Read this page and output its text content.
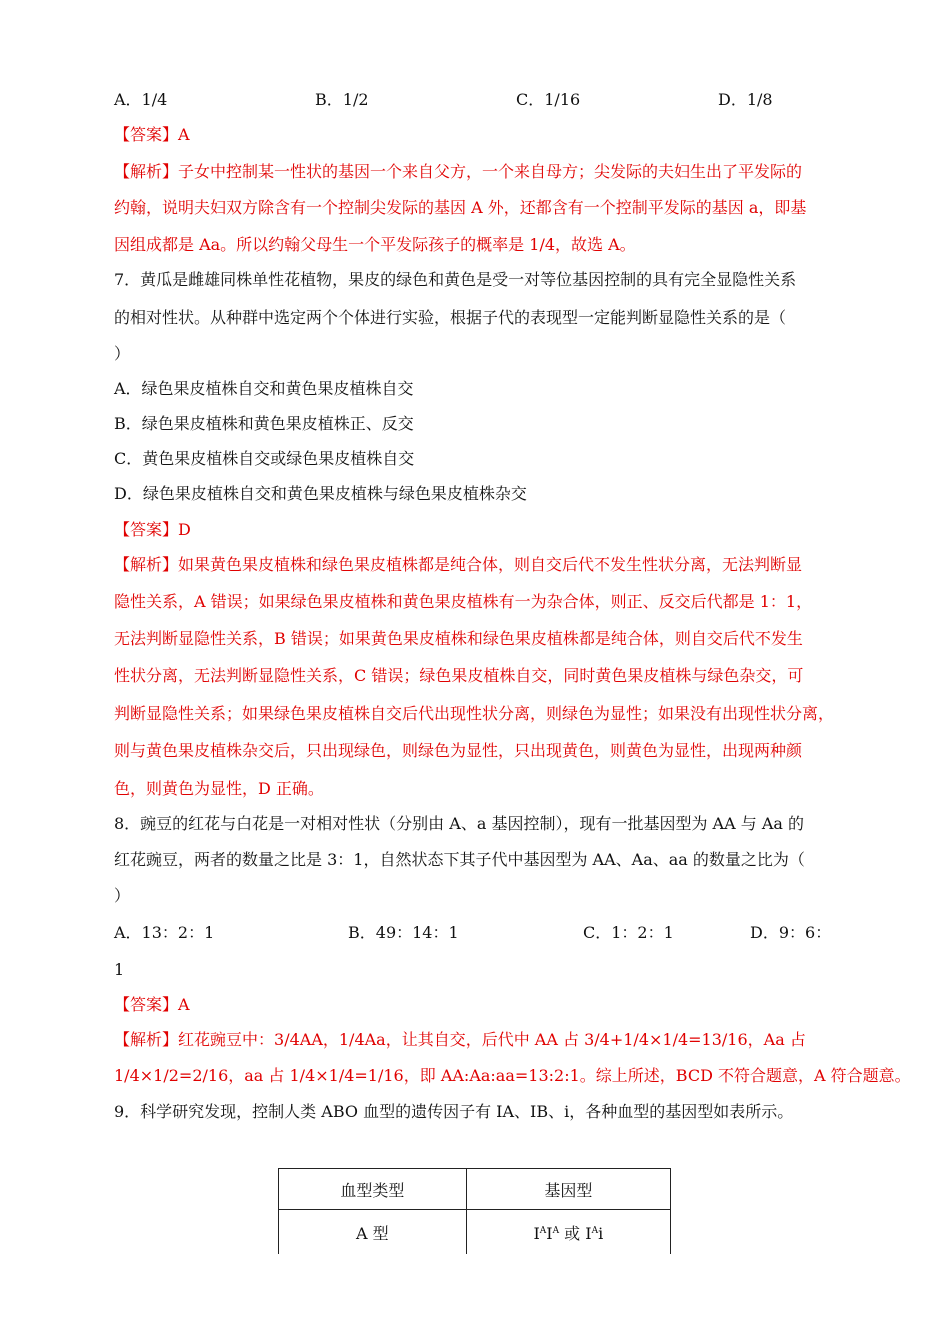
A．1/4	B．1/2	C．1/16	D．1/8
【答案】A
【解析】子女中控制某一性状的基因一个来自父方，一个来自母方；尖发际的夫妇生出了平发际的
约翰，说明夫妇双方除含有一个控制尖发际的基因 A 外，还都含有一个控制平发际的基因 a，即基
因组成都是 Aa。所以约翰父母生一个平发际孩子的概率是 1/4，故选 A。
7．黄瓜是雌雄同株单性花植物，果皮的绿色和黄色是受一对等位基因控制的具有完全显隐性关系
的相对性状。从种群中选定两个个体进行实验，根据子代的表现型一定能判断显隐性关系的是（
）
A．绿色果皮植株自交和黄色果皮植株自交
B．绿色果皮植株和黄色果皮植株正、反交
C．黄色果皮植株自交或绿色果皮植株自交
D．绿色果皮植株自交和黄色果皮植株与绿色果皮植株杂交
【答案】D
【解析】如果黄色果皮植株和绿色果皮植株都是纯合体，则自交后代不发生性状分离，无法判断显
隐性关系，A 错误；如果绿色果皮植株和黄色果皮植株有一为杂合体，则正、反交后代都是 1：1，
无法判断显隐性关系，B 错误；如果黄色果皮植株和绿色果皮植株都是纯合体，则自交后代不发生
性状分离，无法判断显隐性关系，C 错误；绿色果皮植株自交，同时黄色果皮植株与绿色杂交，可
判断显隐性关系；如果绿色果皮植株自交后代出现性状分离，则绿色为显性；如果没有出现性状分离，
则与黄色果皮植株杂交后，只出现绿色，则绿色为显性，只出现黄色，则黄色为显性，出现两种颜
色，则黄色为显性，D 正确。
8．豌豆的红花与白花是一对相对性状（分别由 A、a 基因控制），现有一批基因型为 AA 与 Aa 的
红花豌豆，两者的数量之比是 3：1，自然状态下其子代中基因型为 AA、Aa、aa 的数量之比为（
）
A．13：2：1	B．49：14：1	C．1：2：1	D．9：6：
1
【答案】A
【解析】红花豌豆中：3/4AA，1/4Aa，让其自交，后代中 AA 占 3/4+1/4×1/4=13/16，Aa 占
1/4×1/2=2/16，aa 占 1/4×1/4=1/16，即 AA:Aa:aa=13:2:1。综上所述，BCD 不符合题意，A 符合题意。
9．科学研究发现，控制人类 ABO 血型的遗传因子有 IA、IB、i，各种血型的基因型如表所示。
血型类型	基因型
A 型	$I^AI^A$ 或 $I^Ai$
